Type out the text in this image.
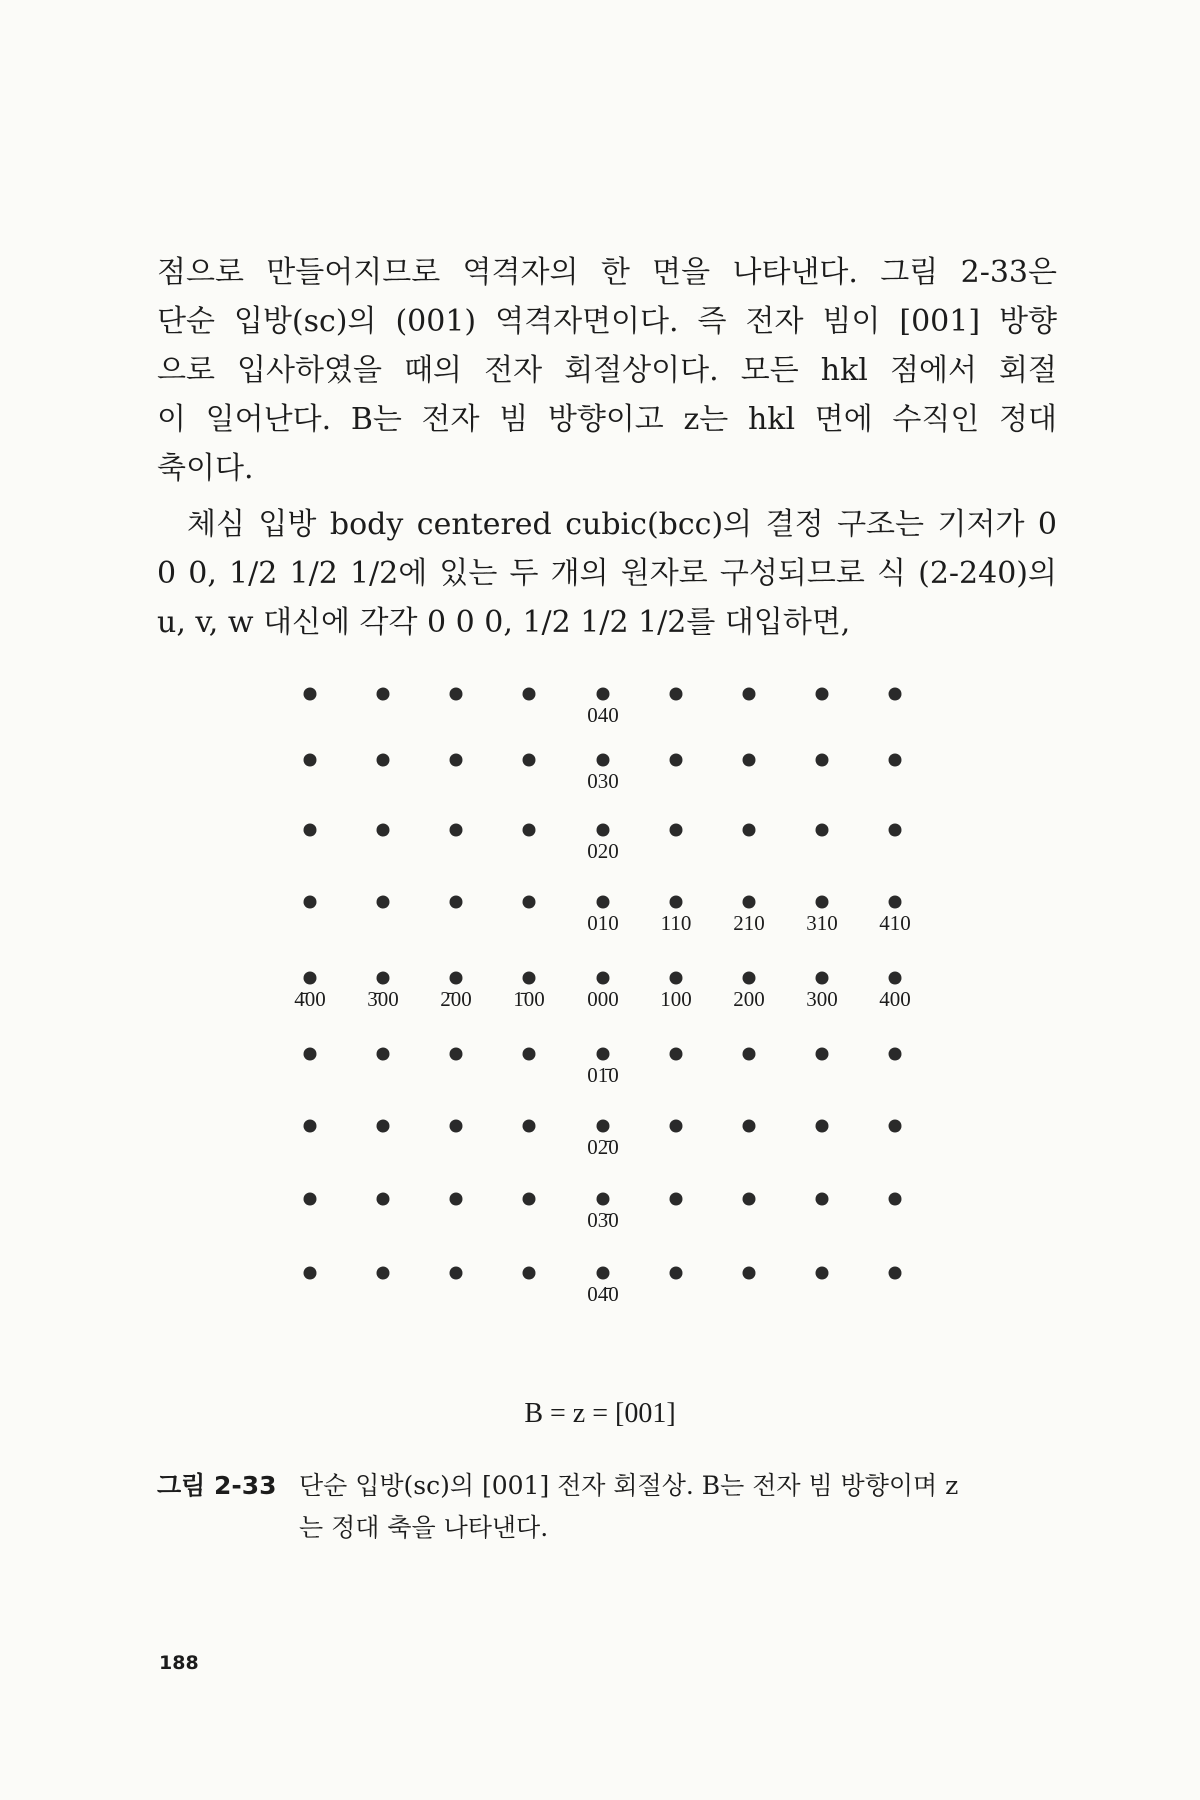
점으로 만들어지므로 역격자의 한 면을 나타낸다. 그림 2-33은
단순 입방(sc)의 (001) 역격자면이다. 즉 전자 빔이 [001] 방향
으로 입사하였을 때의 전자 회절상이다. 모든 hkl 점에서 회절
이 일어난다. B는 전자 빔 방향이고 z는 hkl 면에 수직인 정대
축이다.
체심 입방 body centered cubic(bcc)의 결정 구조는 기저가 0
0 0, 1/2 1/2 1/2에 있는 두 개의 원자로 구성되므로 식 (2-240)의
u, v, w 대신에 각각 0 0 0, 1/2 1/2 1/2를 대입하면,
040
030
020
01̄0
02̄0
03̄0
04̄0
010 110 210 310 410
4̄00 3̄00 2̄00 1̄00 000 100 200 300 400
B = z = [001]
그림 2-33 단순 입방(sc)의 [001] 전자 회절상. B는 전자 빔 방향이며 z
는 정대 축을 나타낸다.
188
